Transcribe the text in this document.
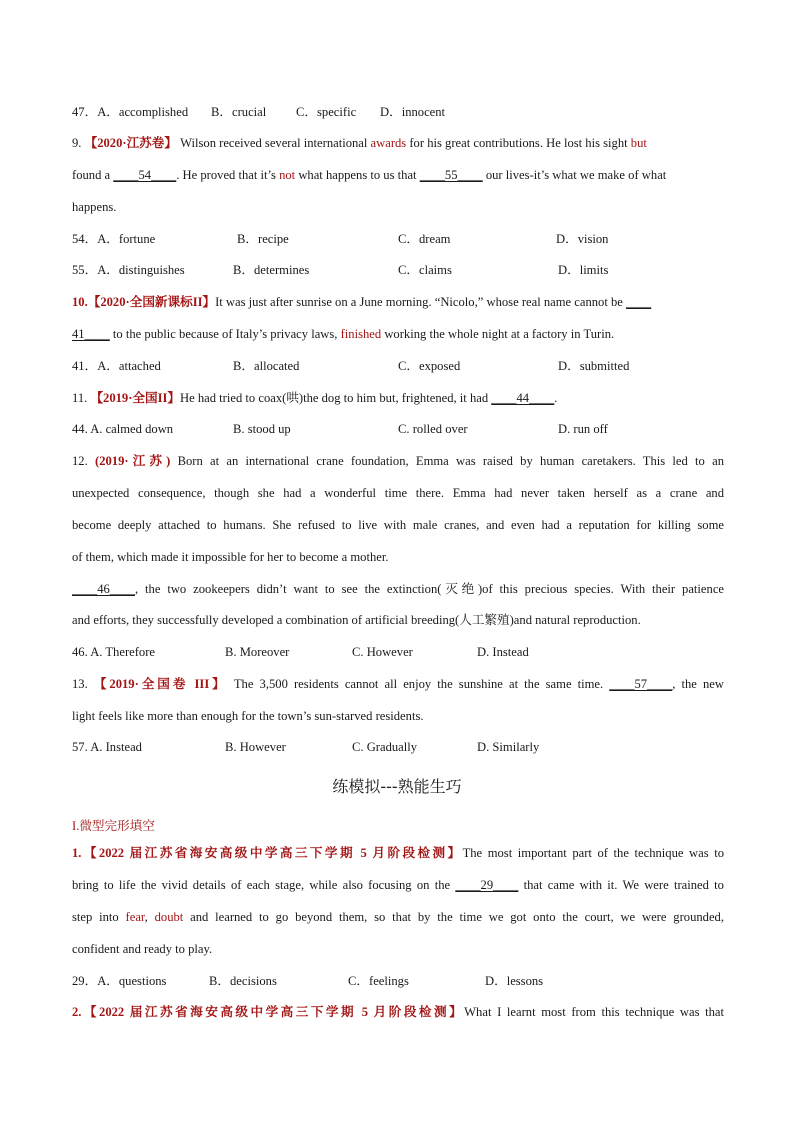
47．A．accomplished B．crucial C．specific D．innocent
9. 【2020·江苏卷】 Wilson received several international awards for his great contributions. He lost his sight but
found a ____54____. He proved that it’s not what happens to us that ____55____ our lives-it’s what we make of what
happens.
54．A．fortune	B．recipe	C．dream	D．vision
55．A．distinguishes	B．determines	C．claims	D．limits
10.【2020·全国新课标II】It was just after sunrise on a June morning. “Nicolo,” whose real name cannot be ____
41____ to the public because of Italy’s privacy laws, finished working the whole night at a factory in Turin.
41．A．attached	B．allocated	C．exposed	D．submitted
11. 【2019·全国II】He had tried to coax(哄)the dog to him but, frightened, it had ____44____.
44. A. calmed down	B. stood up	C. rolled over	D. run off
12. (2019·江苏) Born at an international crane foundation, Emma was raised by human caretakers. This led to an
unexpected consequence, though she had a wonderful time there. Emma had never taken herself as a crane and
become deeply attached to humans. She refused to live with male cranes, and even had a reputation for killing some
of them, which made it impossible for her to become a mother.
____46____, the two zookeepers didn’t want to see the extinction(灭绝)of this precious species. With their patience
and efforts, they successfully developed a combination of artificial breeding(人工繁殖)and natural reproduction.
46. A. Therefore	B. Moreover	C. However	D. Instead
13. 【2019·全国卷 III】 The 3,500 residents cannot all enjoy the sunshine at the same time. ____57____, the new
light feels like more than enough for the town’s sun-starved residents.
57. A. Instead	B. However	C. Gradually	D. Similarly
练模拟---熟能生巧
I.微型完形填空
1.【2022 届江苏省海安高级中学高三下学期 5 月阶段检测】The most important part of the technique was to
bring to life the vivid details of each stage, while also focusing on the ____29____ that came with it. We were trained to
step into fear, doubt and learned to go beyond them, so that by the time we got onto the court, we were grounded,
confident and ready to play.
29．A．questions	B．decisions	C．feelings	D．lessons
2.【2022 届江苏省海安高级中学高三下学期 5 月阶段检测】What I learnt most from this technique was that
